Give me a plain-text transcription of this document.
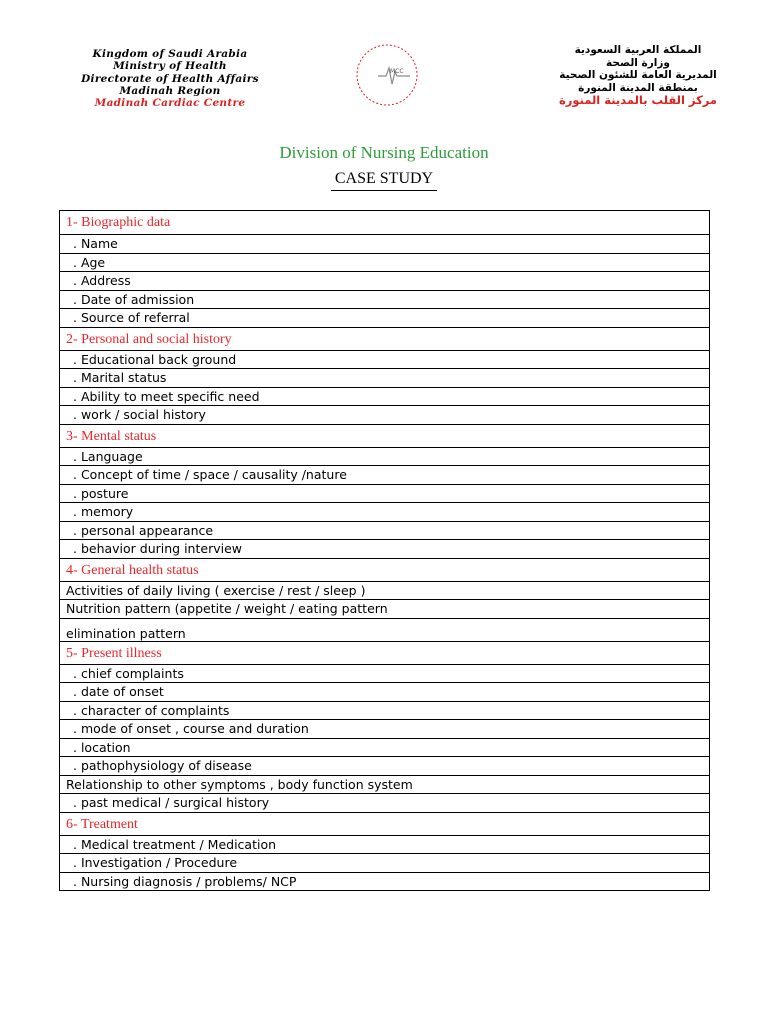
Kingdom of Saudi Arabia
Ministry of Health
Directorate of Health Affairs
Madinah Region
Madinah Cardiac Centre
MCC
المملكة العربية السعودية
وزارة الصحة
المديرية العامة للشئون الصحية
بمنطقة المدينة المنورة
مركز القلب بالمدينة المنورة
Division of Nursing Education
CASE STUDY
1- Biographic data
. Name
. Age
. Address
. Date of admission
. Source of referral
2- Personal and social history
. Educational back ground
. Marital status
. Ability to meet specific need
. work / social history
3- Mental status
. Language
. Concept of time / space / causality /nature
. posture
. memory
. personal appearance
. behavior during interview
4- General health status
Activities of daily living ( exercise / rest / sleep )
Nutrition pattern (appetite / weight / eating pattern
elimination pattern
5- Present illness
. chief complaints
. date of onset
. character of complaints
. mode of onset , course and duration
. location
. pathophysiology of disease
Relationship to other symptoms , body function system
. past medical / surgical history
6- Treatment
. Medical treatment / Medication
. Investigation / Procedure
. Nursing diagnosis / problems/ NCP
